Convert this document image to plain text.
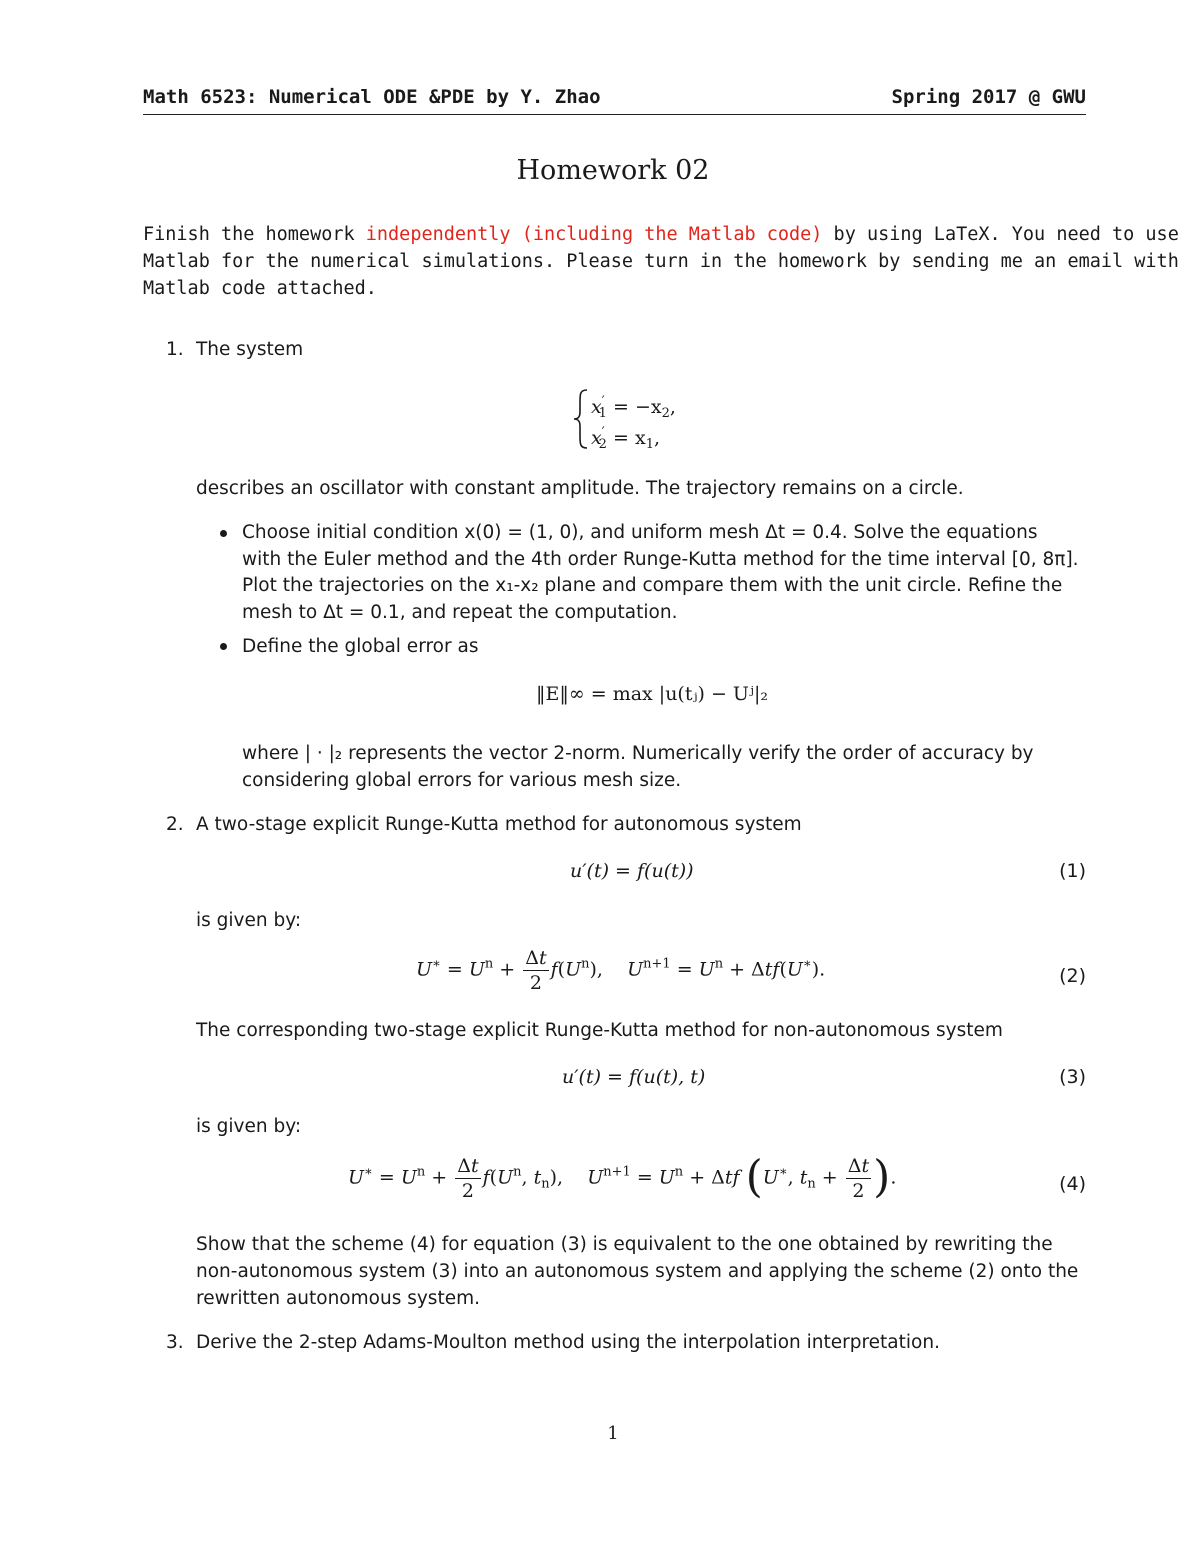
Math 6523: Numerical ODE &PDE by Y. Zhao	Spring 2017 @ GWU
Homework 02
Finish the homework independently (including the Matlab code) by using LaTeX. You need to use
Matlab for the numerical simulations. Please turn in the homework by sending me an email with
Matlab code attached.
1. The system
$x'_1 = -x_2$,
$x'_2 = x_1$,
describes an oscillator with constant amplitude. The trajectory remains on a circle.
Choose initial condition x(0) = (1, 0), and uniform mesh Δt = 0.4. Solve the equations
with the Euler method and the 4th order Runge-Kutta method for the time interval [0, 8π].
Plot the trajectories on the x₁-x₂ plane and compare them with the unit circle. Refine the
mesh to Δt = 0.1, and repeat the computation.
Define the global error as
‖E‖∞ = max |u(tⱼ) − Uʲ|₂
where | · |₂ represents the vector 2-norm. Numerically verify the order of accuracy by
considering global errors for various mesh size.
2. A two-stage explicit Runge-Kutta method for autonomous system
u′(t) = f(u(t))	(1)
is given by:
$U^∗ = U^n + \frac{\Delta t}{2} f(U^n)$,    $U^{n+1} = U^n + \Delta tf(U^∗)$.	(2)
The corresponding two-stage explicit Runge-Kutta method for non-autonomous system
u′(t) = f(u(t), t)	(3)
is given by:
$U^∗ = U^n + \frac{\Delta t}{2} f(U^n$, $t_n$),    $U^{n+1} = U^n + \Delta tf$ (U∗, $t_n + \frac{\Delta t}{2}$ ).	(4)
Show that the scheme (4) for equation (3) is equivalent to the one obtained by rewriting the
non-autonomous system (3) into an autonomous system and applying the scheme (2) onto the
rewritten autonomous system.
3. Derive the 2-step Adams-Moulton method using the interpolation interpretation.
1
